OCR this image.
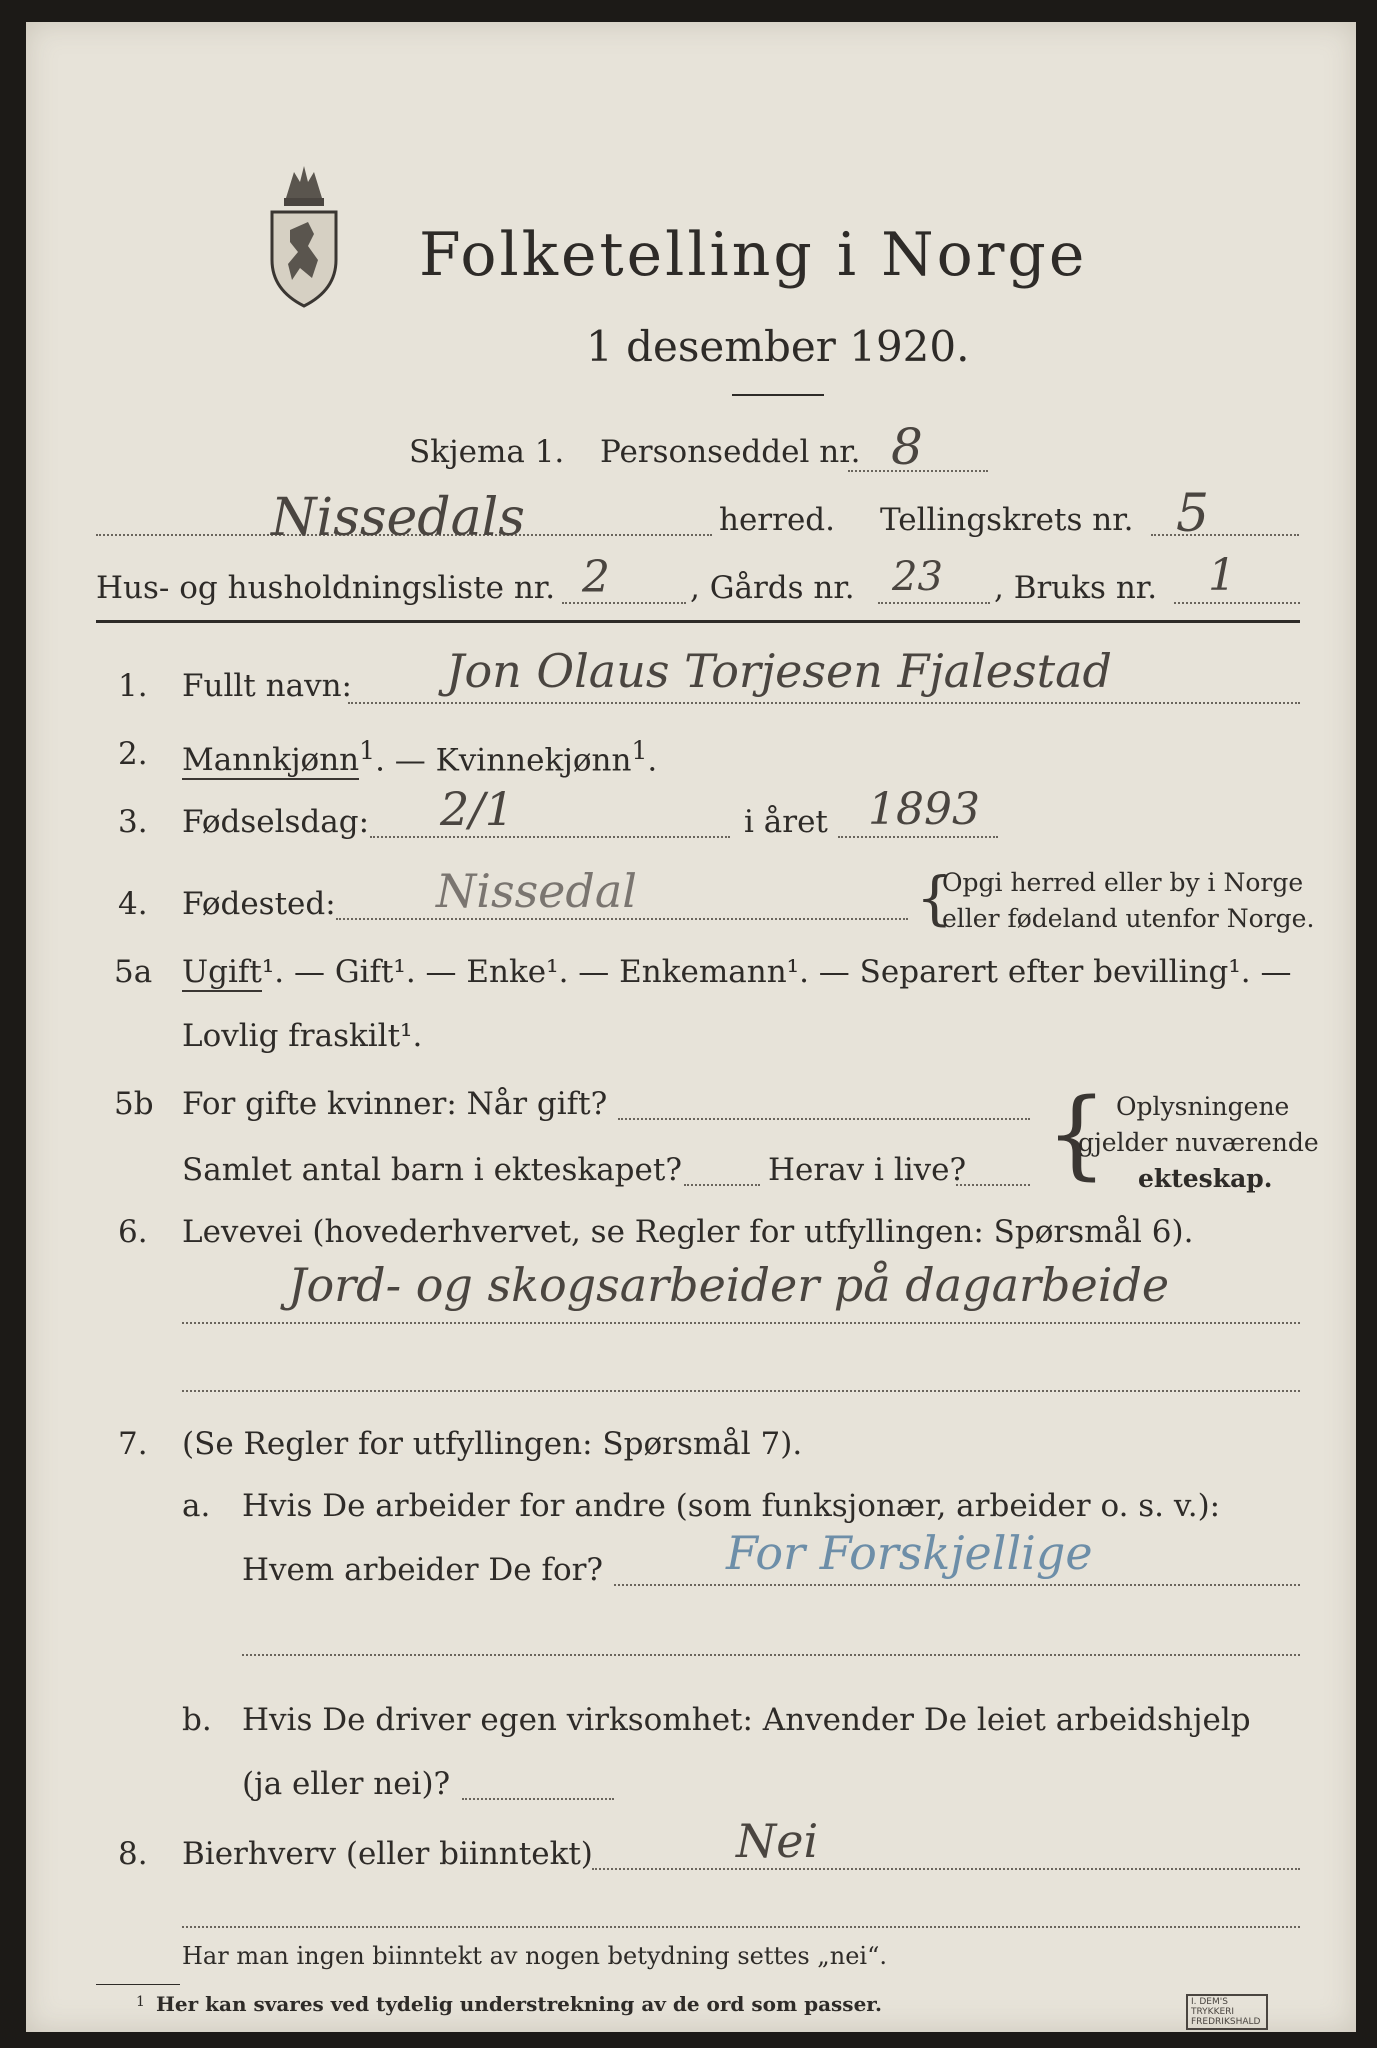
Folketelling i Norge
1 desember 1920.
Skjema 1. Personseddel nr. 8
Nissedals	herred. Tellingskrets nr. 5
Hus- og husholdningsliste nr. 2	, Gårds nr. 23 , Bruks nr. 1
1. Fullt navn: Jon Olaus Torjesen Fjalestad
2. Mannkjønn$^1$. — Kvinnekjønn$^1$.
3. Fødselsdag: 2/1	i året 1893
4. Fødested: Nissedal	{
Opgi herred eller by i Norge
eller fødeland utenfor Norge.
5a Ugift¹. — Gift¹. — Enke¹. — Enkemann¹. — Separert efter bevilling¹. —
Lovlig fraskilt¹.
5b For gifte kvinner: Når gift?
Samlet antal barn i ekteskapet?	Herav i live? { Oplysningene
gjelder nuværende
ekteskap.
6. Levevei (hovederhvervet, se Regler for utfyllingen: Spørsmål 6).
Jord- og skogsarbeider på dagarbeide
7. (Se Regler for utfyllingen: Spørsmål 7).
a. Hvis De arbeider for andre (som funksjonær, arbeider o. s. v.):
Hvem arbeider De for?	For Forskjellige
b. Hvis De driver egen virksomhet: Anvender De leiet arbeidshjelp
(ja eller nei)?
8. Bierhverv (eller biinntekt)	Nei
Har man ingen biinntekt av nogen betydning settes „nei“.
1 Her kan svares ved tydelig understrekning av de ord som passer.	I. DEM'S TRYKKERI FREDRIKSHALD
